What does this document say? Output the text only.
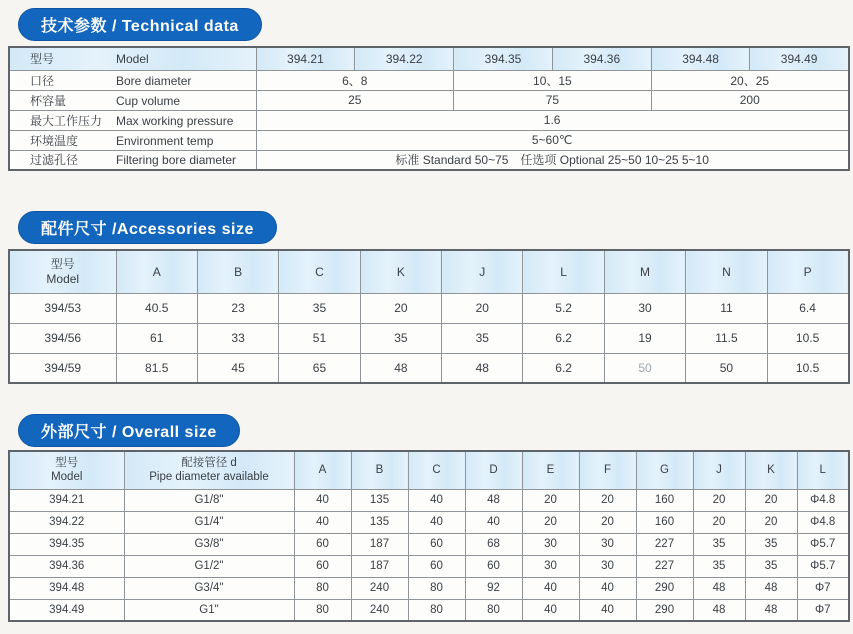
技术参数 / Technical data
型号 Model	394.21	394.22	394.35	394.36	394.48	394.49
口径 Bore diameter	6、8		10、15		20、25	
杯容量 Cup volume	25		75		200	
最大工作压力 Max working pressure	1.6					
环境温度 Environment temp	5~60℃					
过滤孔径 Filtering bore diameter	标准 Standard 50~75　任选项 Optional 25~50 10~25 5~10					
配件尺寸 /Accessories size
型号
Model	A	B	C	K	J	L	M	N	P
394/53	40.5	23	35	20	20	5.2	30	11	6.4
394/56	61	33	51	35	35	6.2	19	11.5	10.5
394/59	81.5	45	65	48	48	6.2	50	50	10.5
外部尺寸 / Overall size
型号
Model

配接管径 d
Pipe diameter available
	A	B	C	D	E	F	G	J	K	L
394.21	G1/8"	40	135	40	48	20	20	160	20	20	Φ4.8
394.22	G1/4"	40	135	40	40	20	20	160	20	20	Φ4.8
394.35	G3/8"	60	187	60	68	30	30	227	35	35	Φ5.7
394.36	G1/2"	60	187	60	60	30	30	227	35	35	Φ5.7
394.48	G3/4"	80	240	80	92	40	40	290	48	48	Φ7
394.49	G1"	80	240	80	80	40	40	290	48	48	Φ7
